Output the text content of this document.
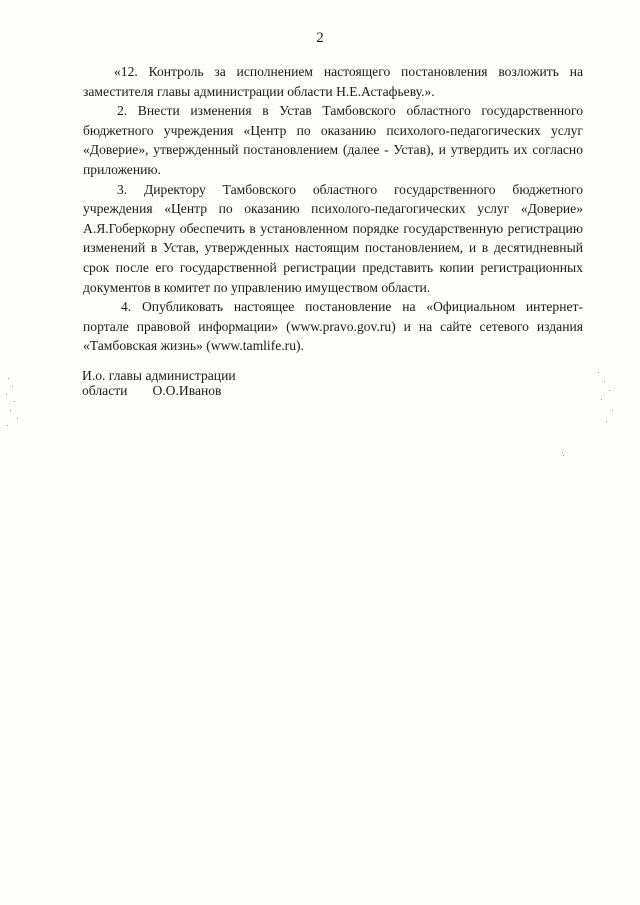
2

«12. Контроль за исполнением настоящего постановления возложить на заместителя главы администрации области Н.Е.Астафьеву.».

2. Внести изменения в Устав Тамбовского областного государственного бюджетного учреждения «Центр по оказанию психолого-педагогических услуг «Доверие», утвержденный постановлением (далее - Устав), и утвердить их согласно приложению.

3. Директору Тамбовского областного государственного бюджетного учреждения «Центр по оказанию психолого-педагогических услуг «Доверие» А.Я.Гоберкорну обеспечить в установленном порядке государственную регистрацию изменений в Устав, утвержденных настоящим постановлением, и в десятидневный срок после его государственной регистрации представить копии регистрационных документов в комитет по управлению имуществом области.

4. Опубликовать настоящее постановление на «Официальном интернет-портале правовой информации» (www.pravo.gov.ru) и на сайте сетевого издания «Тамбовская жизнь» (www.tamlife.ru).

И.о. главы администрации
области О.О.Иванов
